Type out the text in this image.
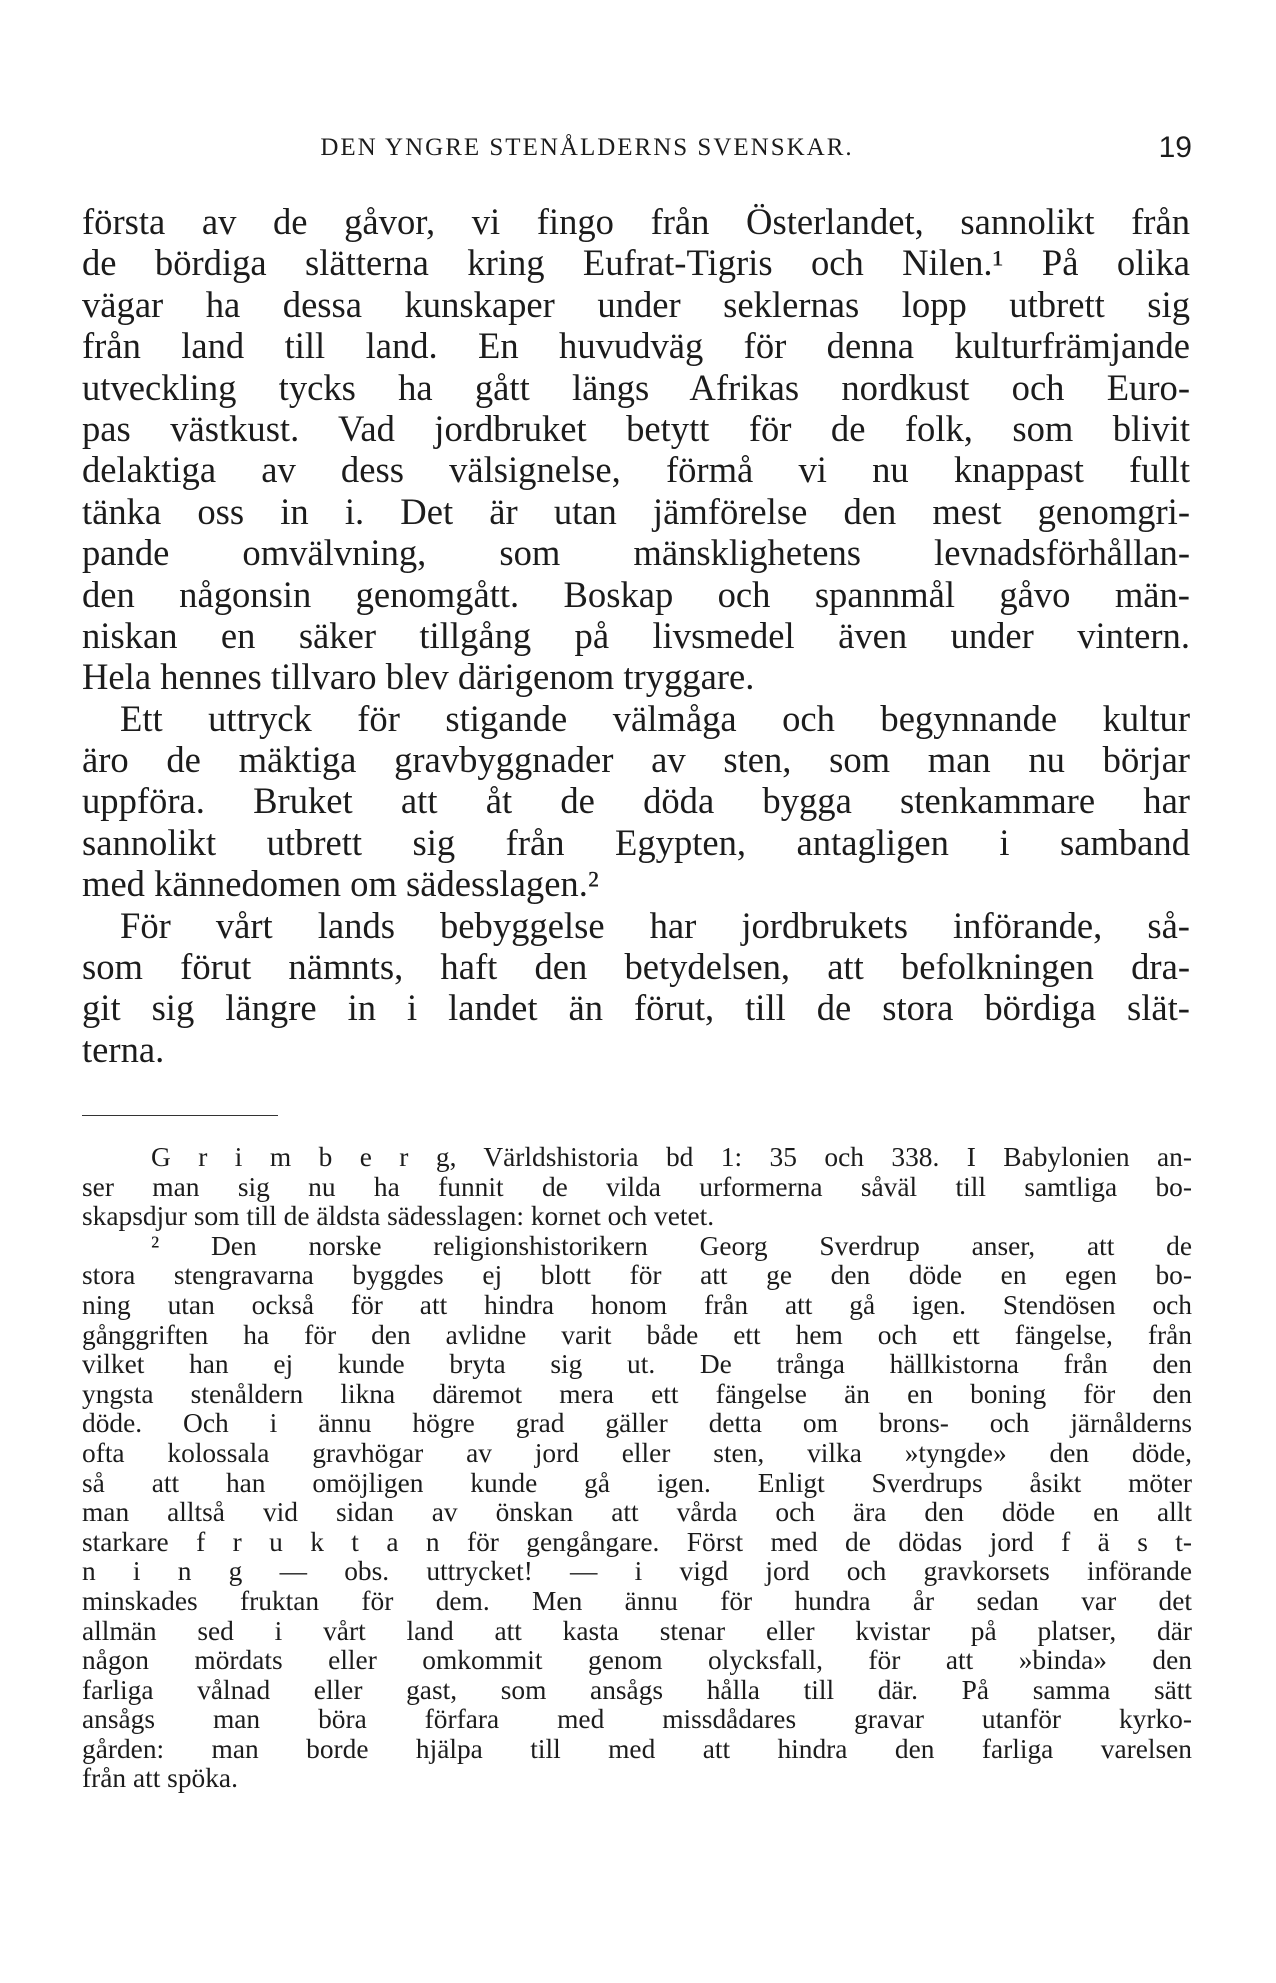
DEN YNGRE STENÅLDERNS SVENSKAR.	19
första av de gåvor, vi fingo från Österlandet, sannolikt från
de bördiga slätterna kring Eufrat-Tigris och Nilen.¹ På olika
vägar ha dessa kunskaper under seklernas lopp utbrett sig
från land till land. En huvudväg för denna kulturfrämjande
utveckling tycks ha gått längs Afrikas nordkust och Euro-
pas västkust. Vad jordbruket betytt för de folk, som blivit
delaktiga av dess välsignelse, förmå vi nu knappast fullt
tänka oss in i. Det är utan jämförelse den mest genomgri-
pande omvälvning, som mänsklighetens levnadsförhållan-
den någonsin genomgått. Boskap och spannmål gåvo män-
niskan en säker tillgång på livsmedel även under vintern.
Hela hennes tillvaro blev därigenom tryggare.
Ett uttryck för stigande välmåga och begynnande kultur
äro de mäktiga gravbyggnader av sten, som man nu börjar
uppföra. Bruket att åt de döda bygga stenkammare har
sannolikt utbrett sig från Egypten, antagligen i samband
med kännedomen om sädesslagen.²
För vårt lands bebyggelse har jordbrukets införande, så-
som förut nämnts, haft den betydelsen, att befolkningen dra-
git sig längre in i landet än förut, till de stora bördiga slät-
terna.
G r i m b e r g, Världshistoria bd 1: 35 och 338. I Babylonien an-
ser man sig nu ha funnit de vilda urformerna såväl till samtliga bo-
skapsdjur som till de äldsta sädesslagen: kornet och vetet.
² Den norske religionshistorikern Georg Sverdrup anser, att de
stora stengravarna byggdes ej blott för att ge den döde en egen bo-
ning utan också för att hindra honom från att gå igen. Stendösen och
gånggriften ha för den avlidne varit både ett hem och ett fängelse, från
vilket han ej kunde bryta sig ut. De trånga hällkistorna från den
yngsta stenåldern likna däremot mera ett fängelse än en boning för den
döde. Och i ännu högre grad gäller detta om brons- och järnålderns
ofta kolossala gravhögar av jord eller sten, vilka »tyngde» den döde,
så att han omöjligen kunde gå igen. Enligt Sverdrups åsikt möter
man alltså vid sidan av önskan att vårda och ära den döde en allt
starkare f r u k t a n för gengångare. Först med de dödas jord f ä s t-
n i n g — obs. uttrycket! — i vigd jord och gravkorsets införande
minskades fruktan för dem. Men ännu för hundra år sedan var det
allmän sed i vårt land att kasta stenar eller kvistar på platser, där
någon mördats eller omkommit genom olycksfall, för att »binda» den
farliga vålnad eller gast, som ansågs hålla till där. På samma sätt
ansågs man böra förfara med missdådares gravar utanför kyrko-
gården: man borde hjälpa till med att hindra den farliga varelsen
från att spöka.
